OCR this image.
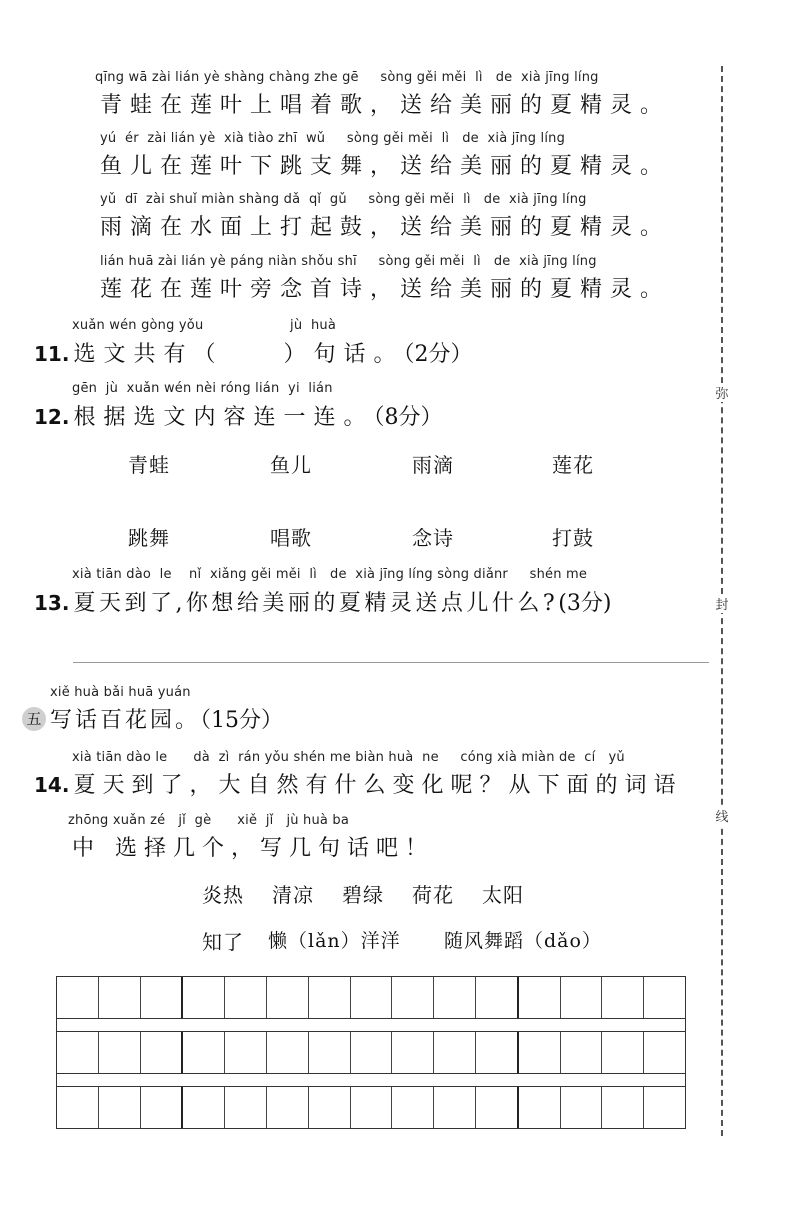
弥
封
线
qīng wā zài lián yè shàng chàng zhe gē     sòng gěi měi  lì   de  xià jīng líng
青蛙在莲叶上唱着歌，送给美丽的夏精灵。
yú  ér  zài lián yè  xià tiào zhī  wǔ     sòng gěi měi  lì   de  xià jīng líng
鱼儿在莲叶下跳支舞，送给美丽的夏精灵。
yǔ  dī  zài shuǐ miàn shàng dǎ  qǐ  gǔ     sòng gěi měi  lì   de  xià jīng líng
雨滴在水面上打起鼓，送给美丽的夏精灵。
lián huā zài lián yè páng niàn shǒu shī     sòng gěi měi  lì   de  xià jīng líng
莲花在莲叶旁念首诗，送给美丽的夏精灵。
xuǎn wén gòng yǒu                    jù  huà
11. 选文共有（　　）句话。（2分）
gēn  jù  xuǎn wén nèi róng lián  yi  lián
12. 根据选文内容连一连。（8分）
青蛙	鱼儿	雨滴	莲花
跳舞	唱歌	念诗	打鼓
xià tiān dào  le    nǐ  xiǎng gěi měi  lì   de  xià jīng líng sòng diǎnr     shén me
13. 夏天到了,你想给美丽的夏精灵送点儿什么?(3分)
xiě huà bǎi huā yuán
五 写话百花园。（15分）
xià tiān dào le      dà  zì  rán yǒu shén me biàn huà  ne     cóng xià miàn de  cí   yǔ
14. 夏天到了，大自然有什么变化呢？从下面的词语
zhōng xuǎn zé   jǐ  gè      xiě  jǐ   jù huà ba
中 选择几个，写几句话吧！
炎热 清凉 碧绿 荷花 太阳
知了 懒（lǎn）洋洋 随风舞蹈（dǎo）
